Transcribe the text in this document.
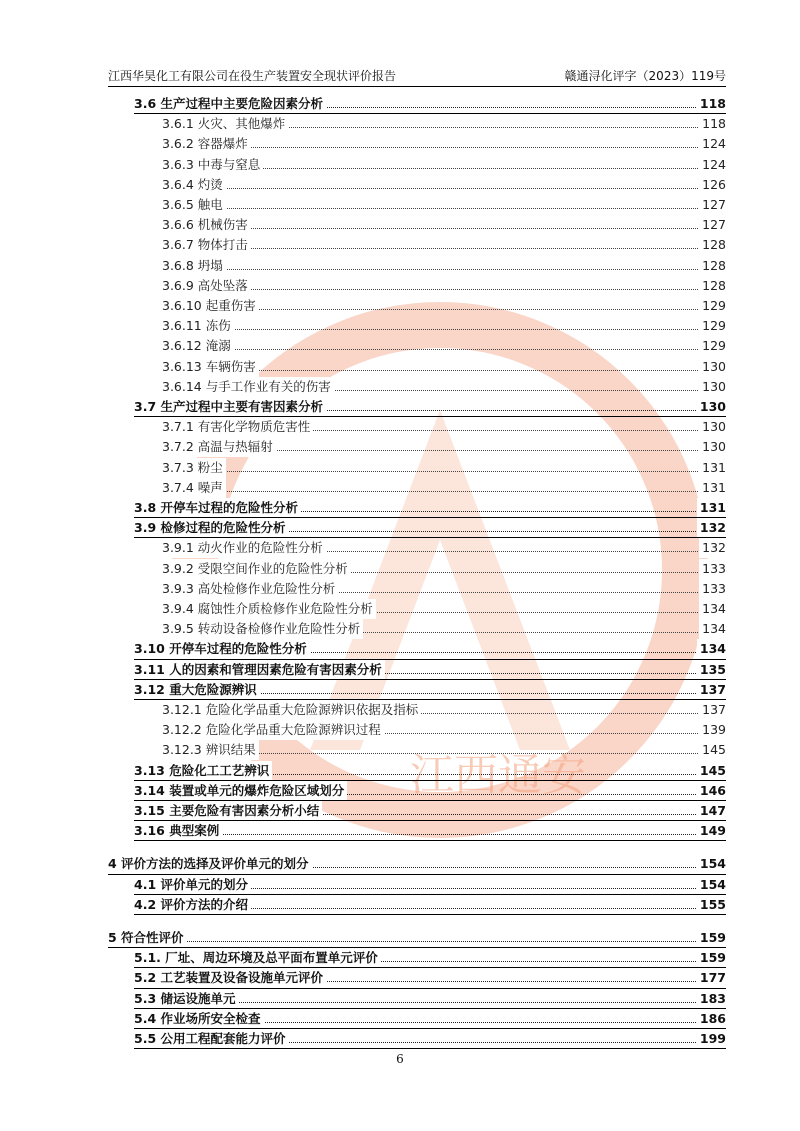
江西华昊化工有限公司在役生产装置安全现状评价报告	赣通浔化评字（2023）119号
江西通安
3.6 生产过程中主要危险因素分析	118
3.6.1 火灾、其他爆炸	118
3.6.2 容器爆炸	124
3.6.3 中毒与窒息	124
3.6.4 灼烫	126
3.6.5 触电	127
3.6.6 机械伤害	127
3.6.7 物体打击	128
3.6.8 坍塌	128
3.6.9 高处坠落	128
3.6.10 起重伤害	129
3.6.11 冻伤	129
3.6.12 淹溺	129
3.6.13 车辆伤害	130
3.6.14 与手工作业有关的伤害	130
3.7 生产过程中主要有害因素分析	130
3.7.1 有害化学物质危害性	130
3.7.2 高温与热辐射	130
3.7.3 粉尘	131
3.7.4 噪声	131
3.8 开停车过程的危险性分析	131
3.9 检修过程的危险性分析	132
3.9.1 动火作业的危险性分析	132
3.9.2 受限空间作业的危险性分析	133
3.9.3 高处检修作业危险性分析	133
3.9.4 腐蚀性介质检修作业危险性分析	134
3.9.5 转动设备检修作业危险性分析	134
3.10 开停车过程的危险性分析	134
3.11 人的因素和管理因素危险有害因素分析	135
3.12 重大危险源辨识	137
3.12.1 危险化学品重大危险源辨识依据及指标	137
3.12.2 危险化学品重大危险源辨识过程	139
3.12.3 辨识结果	145
3.13 危险化工工艺辨识	145
3.14 装置或单元的爆炸危险区域划分	146
3.15 主要危险有害因素分析小结	147
3.16 典型案例	149
4 评价方法的选择及评价单元的划分	154
4.1 评价单元的划分	154
4.2 评价方法的介绍	155
5 符合性评价	159
5.1. 厂址、周边环境及总平面布置单元评价	159
5.2 工艺装置及设备设施单元评价	177
5.3 储运设施单元	183
5.4 作业场所安全检查	186
5.5 公用工程配套能力评价	199
6
